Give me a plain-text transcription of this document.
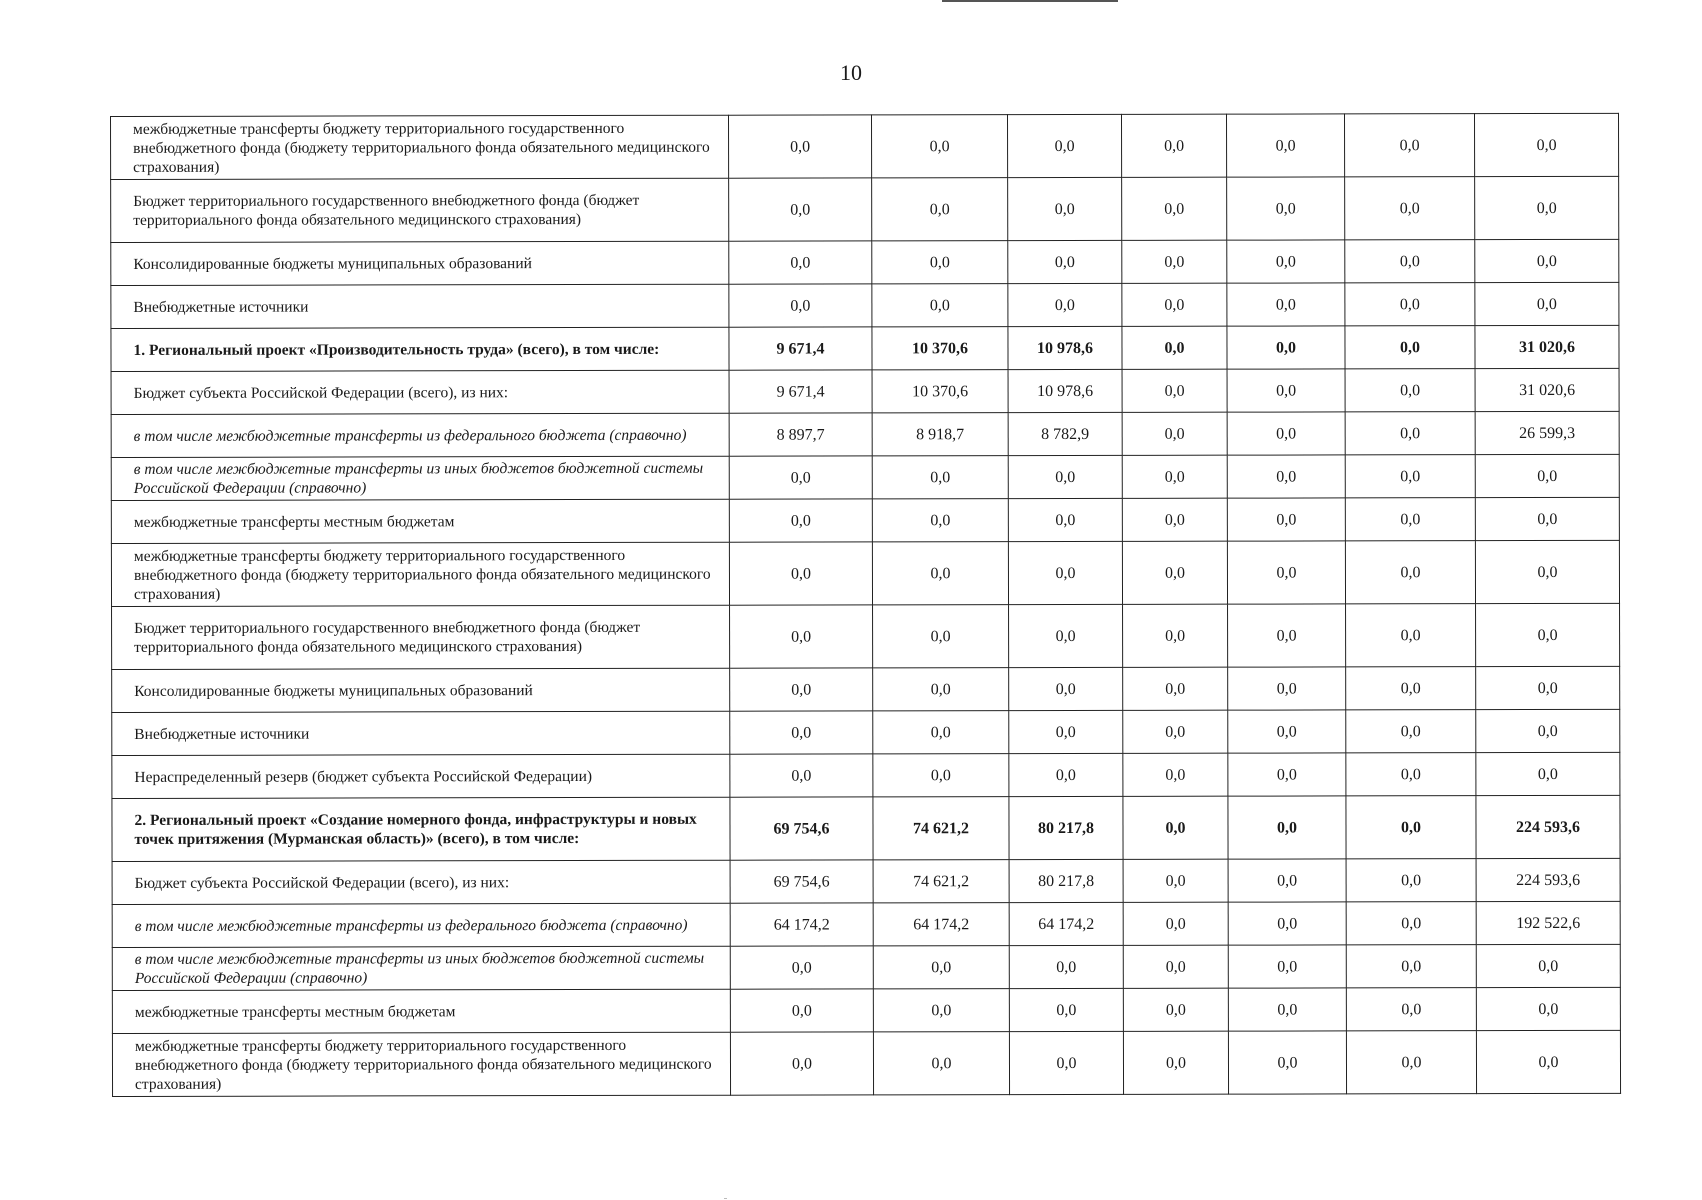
10
межбюджетные трансферты бюджету территориального государственного внебюджетного фонда (бюджету территориального фонда обязательного медицинского страхования)	0,0	0,0	0,0	0,0	0,0	0,0	0,0
Бюджет территориального государственного внебюджетного фонда (бюджет территориального фонда обязательного медицинского страхования)	0,0	0,0	0,0	0,0	0,0	0,0	0,0
Консолидированные бюджеты муниципальных образований	0,0	0,0	0,0	0,0	0,0	0,0	0,0
Внебюджетные источники	0,0	0,0	0,0	0,0	0,0	0,0	0,0
1. Региональный проект «Производительность труда» (всего), в том числе:	9 671,4	10 370,6	10 978,6	0,0	0,0	0,0	31 020,6
Бюджет субъекта Российской Федерации (всего), из них:	9 671,4	10 370,6	10 978,6	0,0	0,0	0,0	31 020,6
в том числе межбюджетные трансферты из федерального бюджета (справочно)	8 897,7	8 918,7	8 782,9	0,0	0,0	0,0	26 599,3
в том числе межбюджетные трансферты из иных бюджетов бюджетной системы Российской Федерации (справочно)	0,0	0,0	0,0	0,0	0,0	0,0	0,0
межбюджетные трансферты местным бюджетам	0,0	0,0	0,0	0,0	0,0	0,0	0,0
межбюджетные трансферты бюджету территориального государственного внебюджетного фонда (бюджету территориального фонда обязательного медицинского страхования)	0,0	0,0	0,0	0,0	0,0	0,0	0,0
Бюджет территориального государственного внебюджетного фонда (бюджет территориального фонда обязательного медицинского страхования)	0,0	0,0	0,0	0,0	0,0	0,0	0,0
Консолидированные бюджеты муниципальных образований	0,0	0,0	0,0	0,0	0,0	0,0	0,0
Внебюджетные источники	0,0	0,0	0,0	0,0	0,0	0,0	0,0
Нераспределенный резерв (бюджет субъекта Российской Федерации)	0,0	0,0	0,0	0,0	0,0	0,0	0,0
2. Региональный проект «Создание номерного фонда, инфраструктуры и новых точек притяжения (Мурманская область)» (всего), в том числе:	69 754,6	74 621,2	80 217,8	0,0	0,0	0,0	224 593,6
Бюджет субъекта Российской Федерации (всего), из них:	69 754,6	74 621,2	80 217,8	0,0	0,0	0,0	224 593,6
в том числе межбюджетные трансферты из федерального бюджета (справочно)	64 174,2	64 174,2	64 174,2	0,0	0,0	0,0	192 522,6
в том числе межбюджетные трансферты из иных бюджетов бюджетной системы Российской Федерации (справочно)	0,0	0,0	0,0	0,0	0,0	0,0	0,0
межбюджетные трансферты местным бюджетам	0,0	0,0	0,0	0,0	0,0	0,0	0,0
межбюджетные трансферты бюджету территориального государственного внебюджетного фонда (бюджету территориального фонда обязательного медицинского страхования)	0,0	0,0	0,0	0,0	0,0	0,0	0,0
